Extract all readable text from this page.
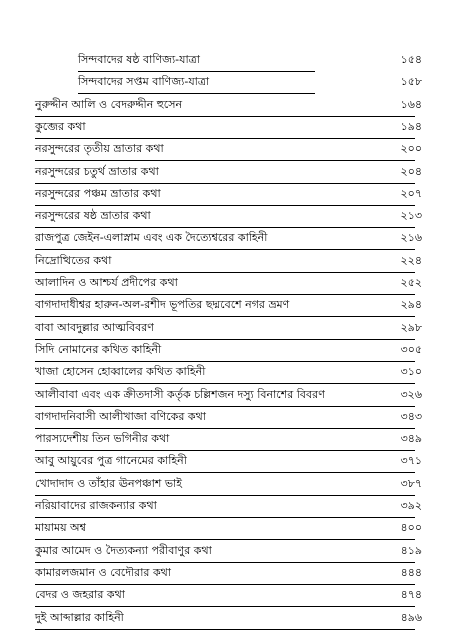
সিন্দবাদের ষষ্ঠ বাণিজ্য-যাত্রা	১৫৪
সিন্দবাদের সপ্তম বাণিজ্য-যাত্রা	১৫৮
নুরুদ্দীন আলি ও বেদরুদ্দীন হুসেন	১৬৪
কুব্জের কথা	১৯৪
নরসুন্দরের তৃতীয় ভ্রাতার কথা	২০০
নরসুন্দরের চতুর্থ ভ্রাতার কথা	২০৪
নরসুন্দরের পঞ্চম ভ্রাতার কথা	২০৭
নরসুন্দরের ষষ্ঠ ভ্রাতার কথা	২১৩
রাজপুত্র জেইন-এলাস্নাম এবং এক দৈত্যেশ্বরের কাহিনী	২১৬
নিদ্রোত্থিতের কথা	২২৪
আলাদিন ও আশ্চর্য প্রদীপের কথা	২৫২
বাগদাদাধীশ্বর হারুন-অল-রশীদ ভূপতির ছদ্মবেশে নগর ভ্রমণ	২৯৪
বাবা আবদুল্লার আত্মবিবরণ	২৯৮
সিদি নোমানের কথিত কাহিনী	৩০৫
খাজা হোসেন হোব্বালের কথিত কাহিনী	৩১০
আলীবাবা এবং এক ক্রীতদাসী কর্তৃক চল্লিশজন দস্যু বিনাশের বিবরণ	৩২৬
বাগদাদনিবাসী আলীখাজা বণিকের কথা	৩৪৩
পারস্যদেশীয় তিন ভগিনীর কথা	৩৪৯
আবু আয়ুবের পুত্র গানেমের কাহিনী	৩৭১
খোদাদাদ ও তাঁহার ঊনপঞ্চাশ ভাই	৩৮৭
নরিয়াবাদের রাজকন্যার কথা	৩৯২
মায়াময় অশ্ব	৪০০
কুমার আমেদ ও দৈত্যকন্যা পরীবাণুর কথা	৪১৯
কামারলজমান ও বেদৌরার কথা	৪৪৪
বেদর ও জহরার কথা	৪৭৪
দুই আব্দাল্লার কাহিনী	৪৯৬
